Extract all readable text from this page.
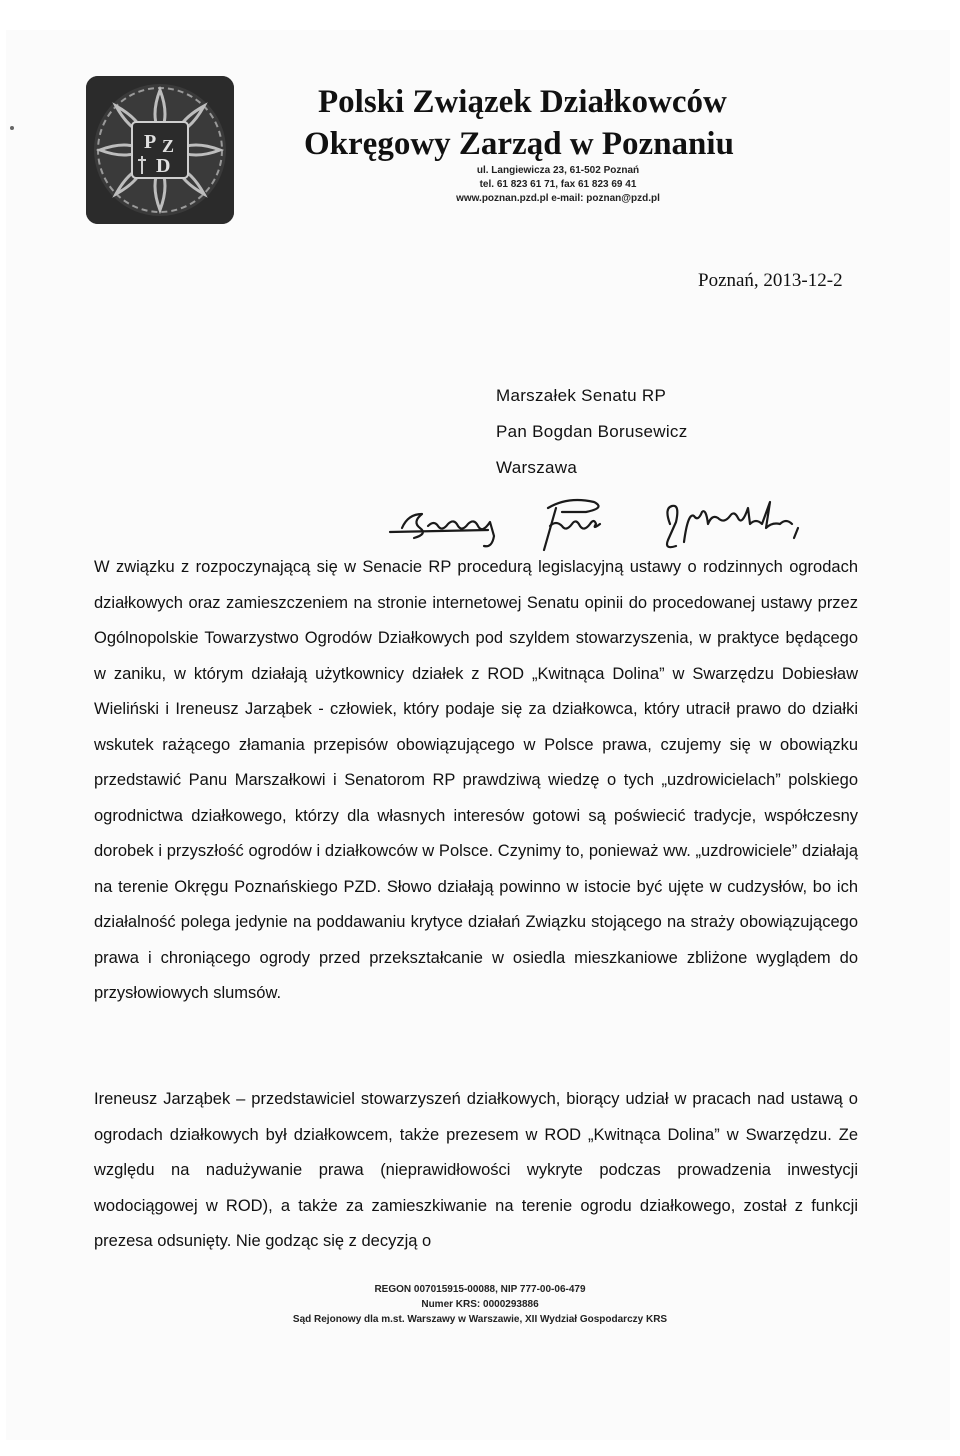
P Z
D
Polski Związek Działkowców
Okręgowy Zarząd w Poznaniu
ul. Langiewicza 23, 61-502 Poznań

tel. 61 823 61 71, fax 61 823 69 41
www.poznan.pzd.pl e-mail: poznan@pzd.pl
Poznań, 2013-12-2
Marszałek Senatu RP
Pan Bogdan Borusewicz
Warszawa

W związku z rozpoczynającą się w Senacie RP procedurą legislacyjną ustawy o rodzinnych ogrodach działkowych oraz zamieszczeniem na stronie internetowej Senatu opinii do procedowanej ustawy przez Ogólnopolskie Towarzystwo Ogrodów Działkowych pod szyldem stowarzyszenia, w praktyce będącego w zaniku, w którym działają użytkownicy działek z ROD „Kwitnąca Dolina” w Swarzędzu Dobiesław Wieliński i Ireneusz Jarząbek - człowiek, który podaje się za działkowca, który utracił prawo do działki wskutek rażącego złamania przepisów obowiązującego w Polsce prawa, czujemy się w obowiązku przedstawić Panu Marszałkowi i Senatorom RP prawdziwą wiedzę o tych „uzdrowicielach” polskiego ogrodnictwa działkowego, którzy dla własnych interesów gotowi są poświecić tradycje, współczesny dorobek i przyszłość ogrodów i działkowców w Polsce. Czynimy to, ponieważ ww. „uzdrowiciele” działają na terenie Okręgu Poznańskiego PZD. Słowo działają powinno w istocie być ujęte w cudzysłów, bo ich działalność polega jedynie na poddawaniu krytyce działań Związku stojącego na straży obowiązującego prawa i chroniącego ogrody przed przekształcanie w osiedla mieszkaniowe zbliżone wyglądem do przysłowiowych slumsów.

Ireneusz Jarząbek – przedstawiciel stowarzyszeń działkowych, biorący udział w pracach nad ustawą o ogrodach działkowych był działkowcem, także prezesem w ROD „Kwitnąca Dolina” w Swarzędzu. Ze względu na nadużywanie prawa (nieprawidłowości wykryte podczas prowadzenia inwestycji wodociągowej w ROD), a także za zamieszkiwanie na terenie ogrodu działkowego, został z funkcji prezesa odsunięty. Nie godząc się z decyzją o

REGON 007015915-00088, NIP 777-00-06-479
Numer KRS: 0000293886
Sąd Rejonowy dla m.st. Warszawy w Warszawie, XII Wydział Gospodarczy KRS
